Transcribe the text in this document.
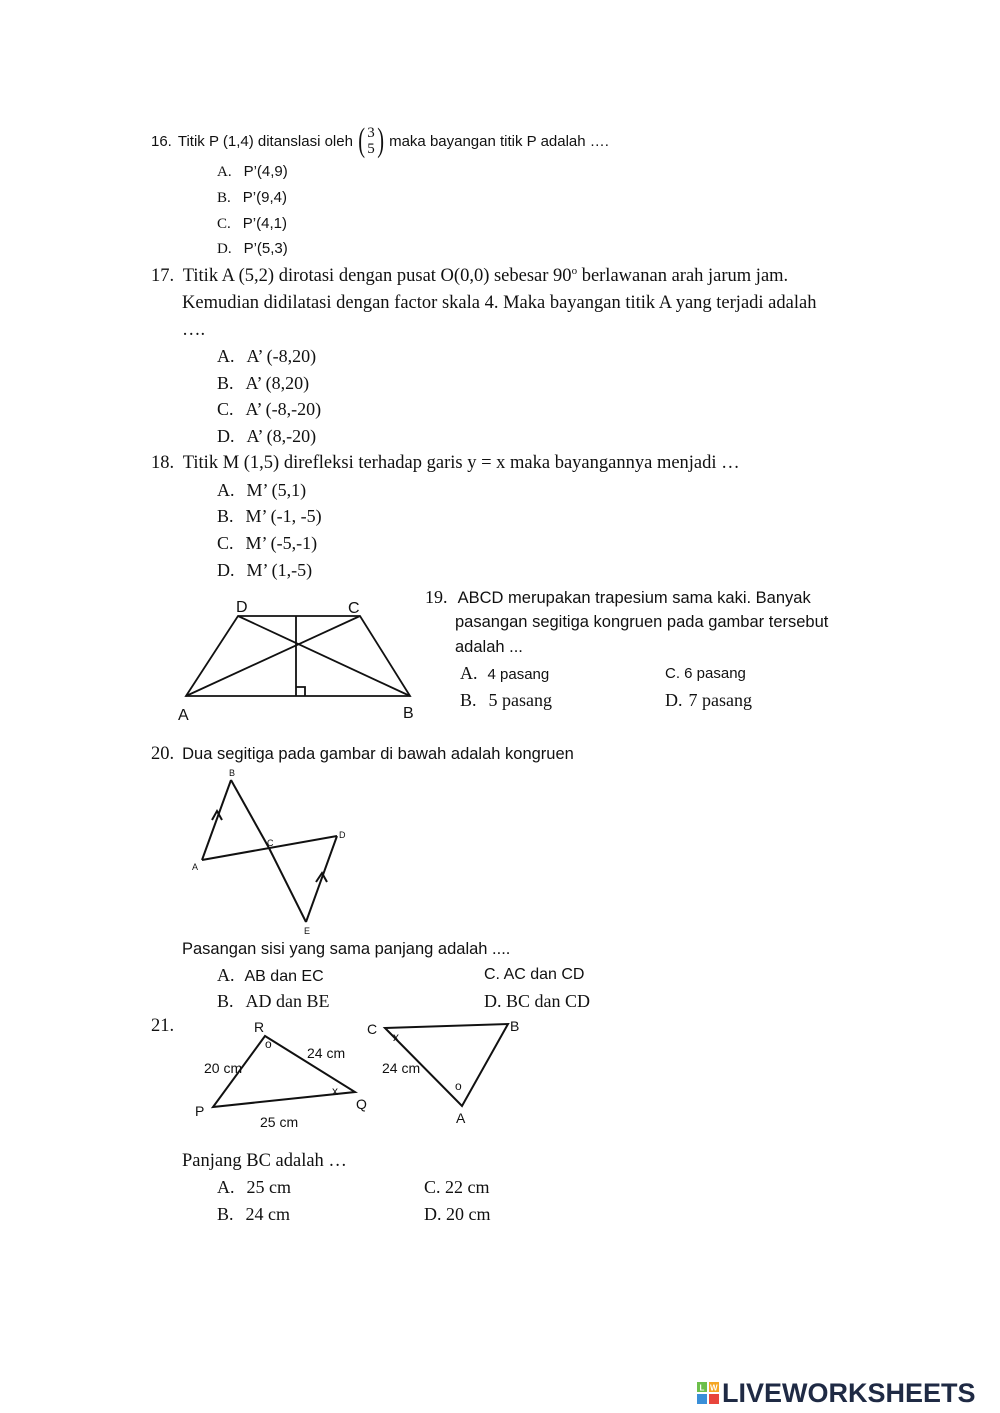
16. Titik P (1,4) ditanslasi oleh ( 3
5 ) maka bayangan titik P adalah ….
A. P’(4,9)
B. P’(9,4)
C. P’(4,1)
D. P’(5,3)
17. Titik A (5,2) dirotasi dengan pusat O(0,0) sebesar 90$^o$ berlawanan arah jarum jam.
Kemudian didilatasi dengan factor skala 4. Maka bayangan titik A yang terjadi adalah
….
A. A’ (-8,20)
B. A’ (8,20)
C. A’ (-8,-20)
D. A’ (8,-20)
18. Titik M (1,5) direfleksi terhadap garis y = x maka bayangannya menjadi …
A. M’ (5,1)
B. M’ (-1, -5)
C. M’ (-5,-1)
D. M’ (1,-5)
D	C
A	B
19. ABCD merupakan trapesium sama kaki. Banyak
pasangan segitiga kongruen pada gambar tersebut
adalah ...
A. 4 pasang	C. 6 pasang
B. 5 pasang	D. 7 pasang
20. Dua segitiga pada gambar di bawah adalah kongruen
B
A
C
D
E
Pasangan sisi yang sama panjang adalah ....
A. AB dan EC	C. AC dan CD
B. AD dan BE	D. BC dan CD
21.	R
P	Q
20 cm
24 cm
25 cm
o
x
C	B
A
24 cm
x
o
Panjang BC adalah …
A. 25 cm	C. 22 cm
B. 24 cm	D. 20 cm
L W LIVEWORKSHEETS
